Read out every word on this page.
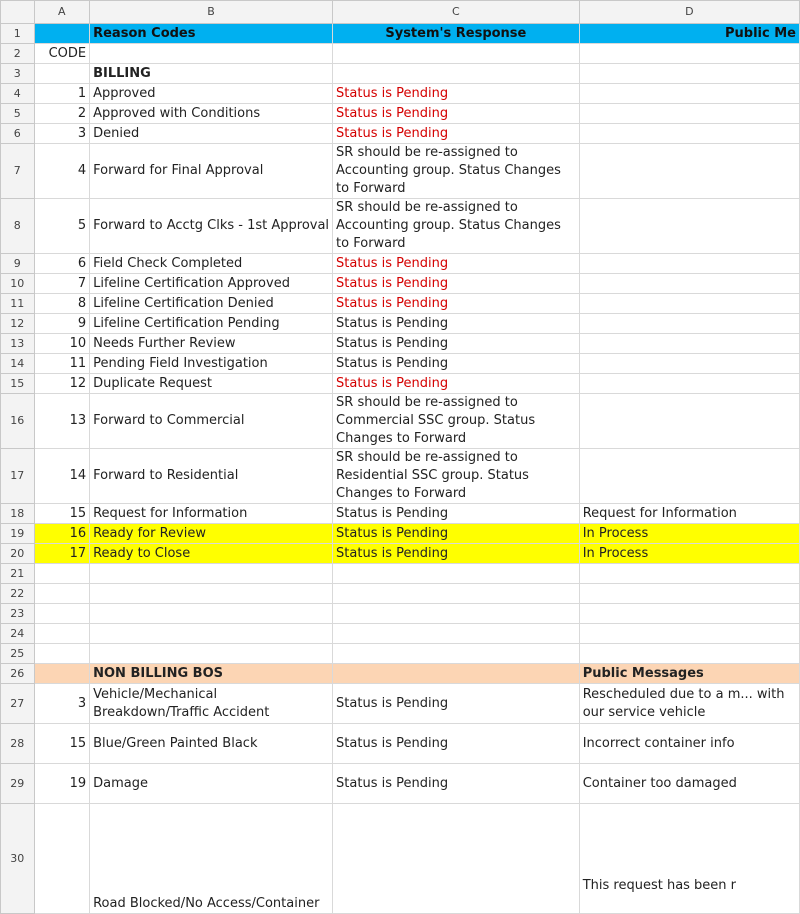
	A	B	C	D
1		Reason Codes	System's Response	Public Me
2	CODE			
3		BILLING		
4	1	Approved	Status is Pending	
5	2	Approved with Conditions	Status is Pending	
6	3	Denied	Status is Pending	
7	4	Forward for Final Approval	SR should be re-assigned to Accounting group. Status Changes to Forward	
8	5	Forward to Acctg Clks - 1st Approval	SR should be re-assigned to Accounting group. Status Changes to Forward	
9	6	Field Check Completed	Status is Pending	
10	7	Lifeline Certification Approved	Status is Pending	
11	8	Lifeline Certification Denied	Status is Pending	
12	9	Lifeline Certification Pending	Status is Pending	
13	10	Needs Further Review	Status is Pending	
14	11	Pending Field Investigation	Status is Pending	
15	12	Duplicate Request	Status is Pending	
16	13	Forward to Commercial	SR should be re-assigned to Commercial SSC group. Status Changes to Forward	
17	14	Forward to Residential	SR should be re-assigned to Residential SSC group. Status Changes to Forward	
18	15	Request for Information	Status is Pending	Request for Information
19	16	Ready for Review	Status is Pending	In Process
20	17	Ready to Close	Status is Pending	In Process
21				
22				
23				
24				
25				
26		NON BILLING BOS		Public Messages
27	3	Vehicle/Mechanical Breakdown/Traffic Accident	Status is Pending	Rescheduled due to a m... with our service vehicle
28	15	Blue/Green Painted Black	Status is Pending	Incorrect container info
29	19	Damage	Status is Pending	Container too damaged
30		Road Blocked/No Access/Container		This request has been r
